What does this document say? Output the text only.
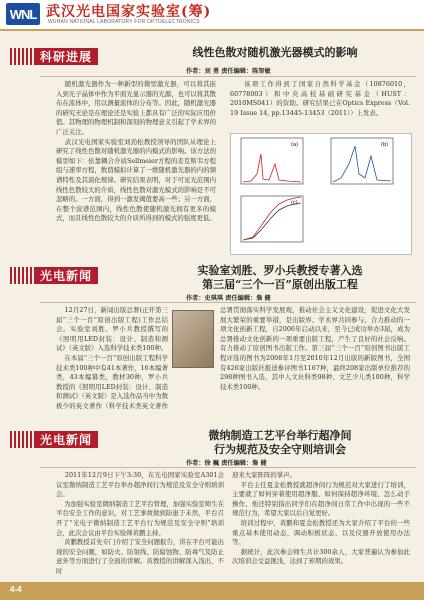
WNL 武汉光电国家实验室(筹)
WUHAN NATIONAL LABORATORY FOR OPTOELECTRONICS
科研进展	线性色散对随机激光器模式的影响
作者：刘 勇 责任编辑：陈智敏
随机激光器作为一种新型的微型激光器，可以将其嵌入到光子晶体中作为平面光显示器的光源，也可以将其散布在流体中，用以测量流体的分布等。因此，随机激光器的研究无论是在理论还是实验上都具有广泛的实际应用价值。其物理的物理机制和深刻的物理意义引起了学术界的广泛关注。
武汉光电国家实验室刘劲松教授领导的团队从理论上研究了线性色散对随机激光器的内模式的影响。该方法的模型如下：依靠耦合介质Sellmeier方程的麦克斯韦方程组与速率方程，数值模拟计算了一维随机激光器的内的频谱特性及其演化规律。研究结果表明，对于可见光范围内线性色散较大的介质，线性色散对激光模式的影响是不可忽略的。一方面，得到一激发阈值要高一些；另一方面，在整个波谱范围内，线性色散使随机激光拥有更多的模式，而且线性色散较大的介质所得到的模式的强度更低。
该项工作得到了国家自然科学基金（10876010，60778003）和中央高校基础研究基金（HUST：2010MS041）的资助。研究结果已在Optics Express（Vol. 19 Issue 14, pp.13445-13453（2011））上发表。
(a)	(b)
(c)
光电新闻	实验室刘胜、罗小兵教授专著入选
第三届“三个一百”原创出版工程
作者：史琪琪 责任编辑：詹 健
12月27日，新闻出版总署(正开第三届“三个一百”原创出版工程)工作总结会。实验室刘胜、罗小兵教授撰写的《照明用LED封装：设计、制造和测试》（英文版）入选科学技术类100种。
在本届“三个一百”原创出版工程科学技术类100种中有41本著作，16本编著类，43本编纂类，教材30种，罗小兵教授的《照明用LED封装：设计、制造和测试》（英文版）是入选作品当中为数极少的英文著作（科学技术类英文著作

总署贯彻落实科学发展观，推动社会主义文化建设，促进文化大发展大繁荣的重要举措，是出版界、学术界共同参与、合力推动的一项文化创新工程，自2006年启动以来，至今已成功举办3届，成为总署推动文化创新的一项重要出版工程，产生了良好的社会反响。有力推动了原创图书出版工作。第三届“三个一百”原创图书出版工程评选的图书为2008年1月至2010年12月出版的新版图书，全国有426家出版社报送参评图书1167种，最终208家出版单位推荐的298种图书入选，其中人文社科类98种、文艺少儿类100种，科学技术类100种。
光电新闻	微纳制造工艺平台举行超净间
行为规范及安全守则培训会
作者：徐 巍 责任编辑：詹 健
2011年12月9日下午3:30，在光电国家实验室A301会议室微纳制造工艺平台举办超净间行为规范及安全守则培训会。
为加强实验室微纳制造工艺平台管理，加强实验室师生在平台安全工作的意识，对工艺事故做到防患于未然，平台召开了“光电子微纳制造工艺平台行为规范及安全守则”培训会，此次会议由平台实验师黄鹏主持。
黄鹏教授首先专门介绍了安全问题报告，讲在平台可能出现的安全问题，如防火、防射线、防腐蚀物、防毒气及防止意外等方面进行了全面的讲解。黄教授的讲解深入浅出，不时
迎来大家阵阵的掌声。
平台主任夏金松教授就超净间行为规范对大家进行了培训，主要就了如何穿着使用超净服、如何保持超净环境、怎么动手操作、他还特别指出同学们在超净间日常工作中出现的一些不规范行为，希望大家以后自觉更好。
培训过程中，黄鹏和夏金松教授还为大家介绍了平台的一些重点基本使用动态，调动积极状态，以及仪器开放使用办法等。
据统计，此次参会师生共计300余人，大家普遍认为参加此次培训会受益匪浅，达到了预期的效果。
4-4
